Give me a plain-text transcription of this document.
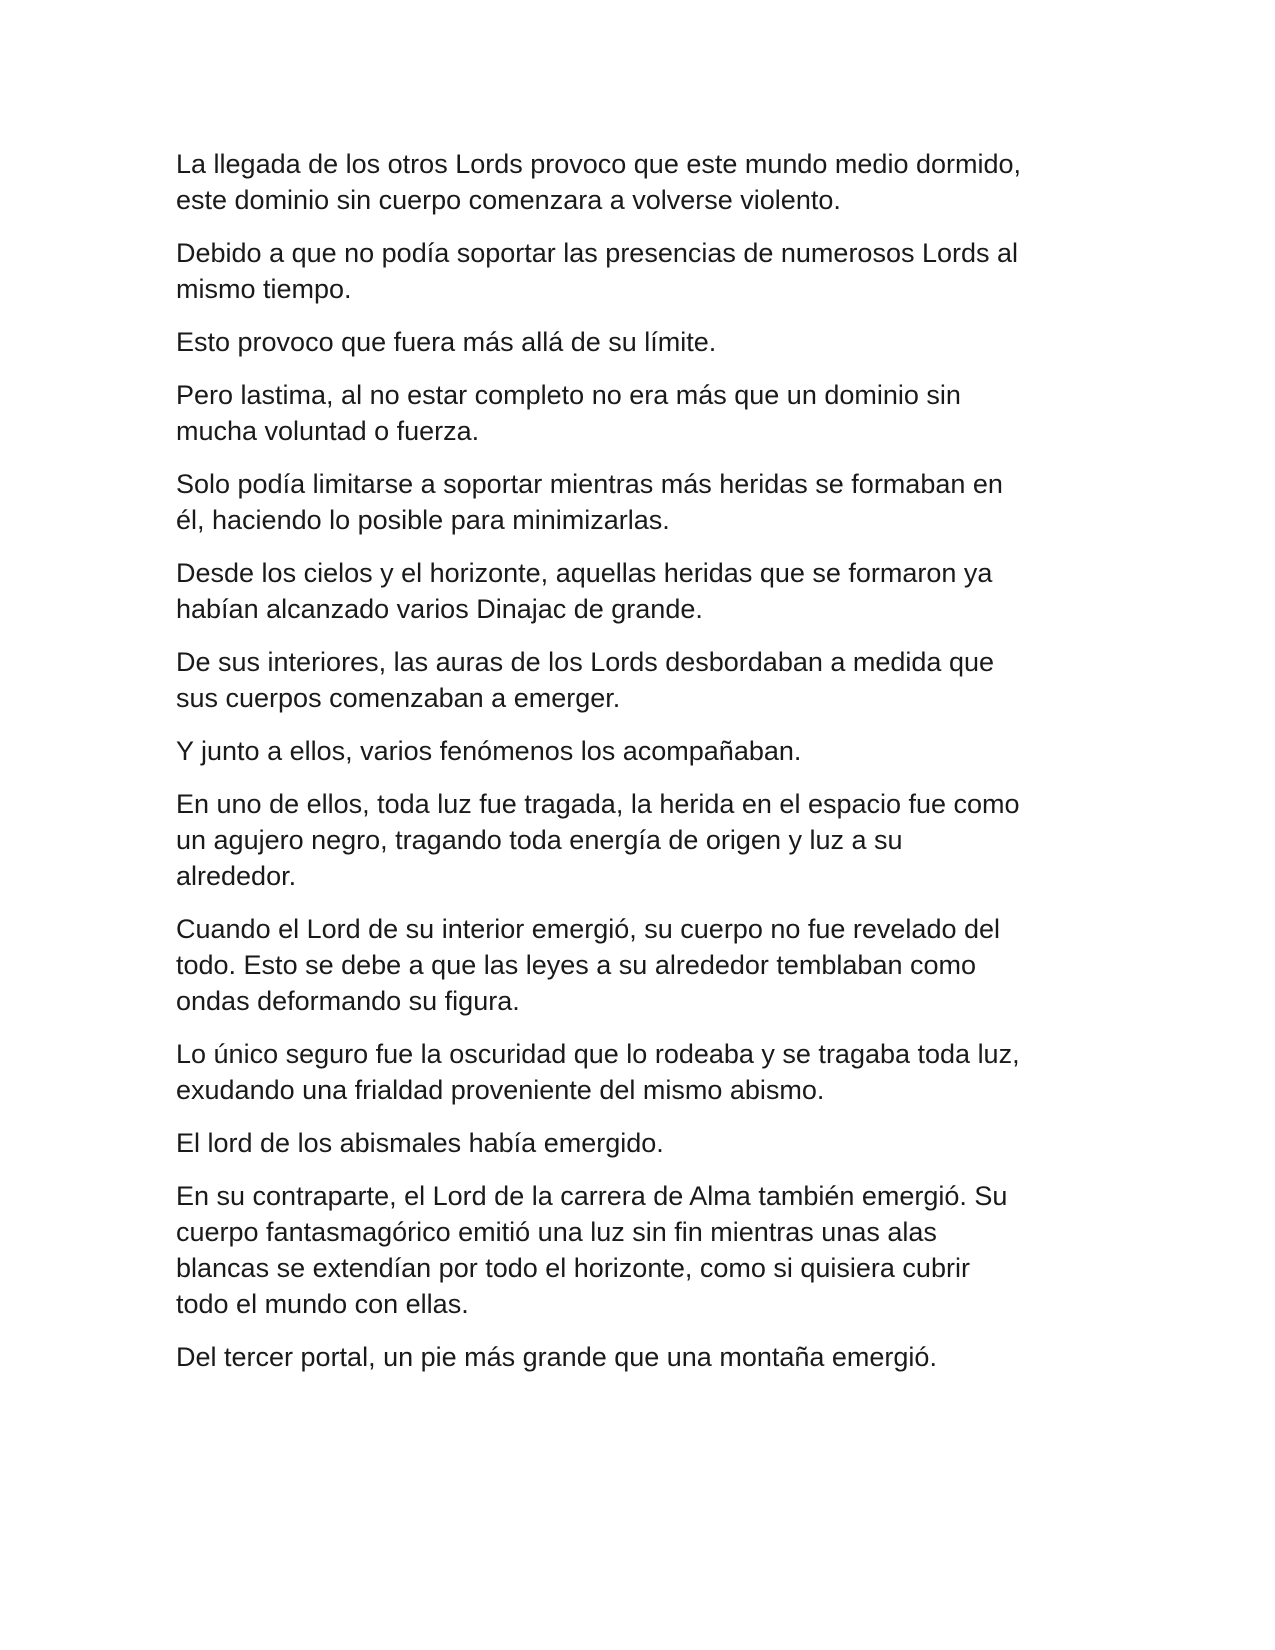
La llegada de los otros Lords provoco que este mundo medio dormido,
este dominio sin cuerpo comenzara a volverse violento.

Debido a que no podía soportar las presencias de numerosos Lords al
mismo tiempo.

Esto provoco que fuera más allá de su límite.

Pero lastima, al no estar completo no era más que un dominio sin
mucha voluntad o fuerza.

Solo podía limitarse a soportar mientras más heridas se formaban en
él, haciendo lo posible para minimizarlas.

Desde los cielos y el horizonte, aquellas heridas que se formaron ya
habían alcanzado varios Dinajac de grande.

De sus interiores, las auras de los Lords desbordaban a medida que
sus cuerpos comenzaban a emerger.

Y junto a ellos, varios fenómenos los acompañaban.

En uno de ellos, toda luz fue tragada, la herida en el espacio fue como
un agujero negro, tragando toda energía de origen y luz a su
alrededor.

Cuando el Lord de su interior emergió, su cuerpo no fue revelado del
todo. Esto se debe a que las leyes a su alrededor temblaban como
ondas deformando su figura.

Lo único seguro fue la oscuridad que lo rodeaba y se tragaba toda luz,
exudando una frialdad proveniente del mismo abismo.

El lord de los abismales había emergido.

En su contraparte, el Lord de la carrera de Alma también emergió. Su
cuerpo fantasmagórico emitió una luz sin fin mientras unas alas
blancas se extendían por todo el horizonte, como si quisiera cubrir
todo el mundo con ellas.

Del tercer portal, un pie más grande que una montaña emergió.
